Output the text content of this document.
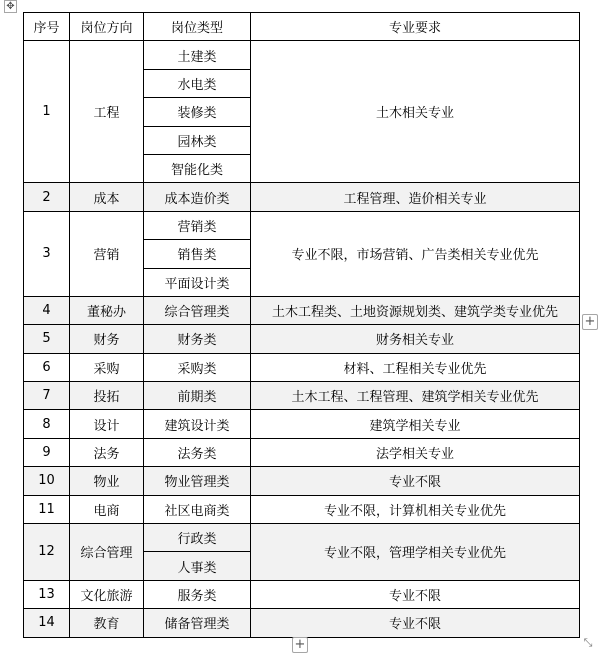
✥
序号	岗位方向	岗位类型	专业要求
1	工程	土建类	土木相关专业
		水电类	
		装修类	
		园林类	
		智能化类	
2	成本	成本造价类	工程管理、造价相关专业
3	营销	营销类	专业不限，市场营销、广告类相关专业优先
		销售类	
		平面设计类	
4	董秘办	综合管理类	土木工程类、土地资源规划类、建筑学类专业优先
5	财务	财务类	财务相关专业
6	采购	采购类	材料、工程相关专业优先
7	投拓	前期类	土木工程、工程管理、建筑学相关专业优先
8	设计	建筑设计类	建筑学相关专业
9	法务	法务类	法学相关专业
10	物业	物业管理类	专业不限
11	电商	社区电商类	专业不限，计算机相关专业优先
12	综合管理	行政类	专业不限，管理学相关专业优先
		人事类	
13	文化旅游	服务类	专业不限
14	教育	储备管理类	专业不限
+
+	⤡
